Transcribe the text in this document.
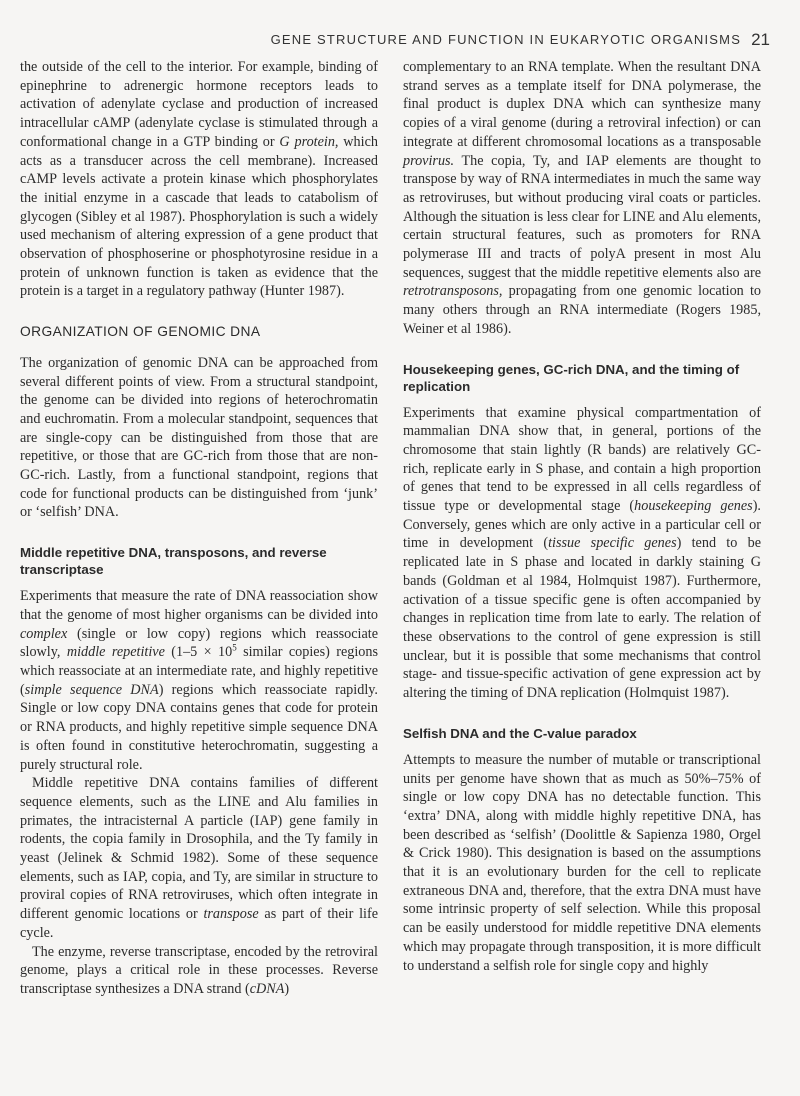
GENE STRUCTURE AND FUNCTION IN EUKARYOTIC ORGANISMS 21

the outside of the cell to the interior. For example, binding of epinephrine to adrenergic hormone receptors leads to activation of adenylate cyclase and production of increased intracellular cAMP (adenylate cyclase is stimulated through a conformational change in a GTP binding or G protein, which acts as a transducer across the cell membrane). Increased cAMP levels activate a protein kinase which phosphorylates the initial enzyme in a cascade that leads to catabolism of glycogen (Sibley et al 1987). Phosphorylation is such a widely used mechanism of altering expression of a gene product that observation of phosphoserine or phosphotyrosine residue in a protein of unknown function is taken as evidence that the protein is a target in a regulatory pathway (Hunter 1987).

ORGANIZATION OF GENOMIC DNA

The organization of genomic DNA can be approached from several different points of view. From a structural standpoint, the genome can be divided into regions of heterochromatin and euchromatin. From a molecular standpoint, sequences that are single-copy can be distinguished from those that are repetitive, or those that are GC-rich from those that are non-GC-rich. Lastly, from a functional standpoint, regions that code for functional products can be distinguished from ‘junk’ or ‘selfish’ DNA.

Middle repetitive DNA, transposons, and reverse transcriptase

Experiments that measure the rate of DNA reassociation show that the genome of most higher organisms can be divided into complex (single or low copy) regions which reassociate slowly, middle repetitive ($1-5 \times 10^5$ similar copies) regions which reassociate at an intermediate rate, and highly repetitive (simple sequence DNA) regions which reassociate rapidly. Single or low copy DNA contains genes that code for protein or RNA products, and highly repetitive simple sequence DNA is often found in constitutive heterochromatin, suggesting a purely structural role.

Middle repetitive DNA contains families of different sequence elements, such as the LINE and Alu families in primates, the intracisternal A particle (IAP) gene family in rodents, the copia family in Drosophila, and the Ty family in yeast (Jelinek & Schmid 1982). Some of these sequence elements, such as IAP, copia, and Ty, are similar in structure to proviral copies of RNA retroviruses, which often integrate in different genomic locations or transpose as part of their life cycle.

The enzyme, reverse transcriptase, encoded by the retroviral genome, plays a critical role in these processes. Reverse transcriptase synthesizes a DNA strand (cDNA)

complementary to an RNA template. When the resultant DNA strand serves as a template itself for DNA polymerase, the final product is duplex DNA which can synthesize many copies of a viral genome (during a retroviral infection) or can integrate at different chromosomal locations as a transposable provirus. The copia, Ty, and IAP elements are thought to transpose by way of RNA intermediates in much the same way as retroviruses, but without producing viral coats or particles. Although the situation is less clear for LINE and Alu elements, certain structural features, such as promoters for RNA polymerase III and tracts of polyA present in most Alu sequences, suggest that the middle repetitive elements also are retrotransposons, propagating from one genomic location to many others through an RNA intermediate (Rogers 1985, Weiner et al 1986).

Housekeeping genes, GC-rich DNA, and the timing of replication

Experiments that examine physical compartmentation of mammalian DNA show that, in general, portions of the chromosome that stain lightly (R bands) are relatively GC-rich, replicate early in S phase, and contain a high proportion of genes that tend to be expressed in all cells regardless of tissue type or developmental stage (housekeeping genes). Conversely, genes which are only active in a particular cell or time in development (tissue specific genes) tend to be replicated late in S phase and located in darkly staining G bands (Goldman et al 1984, Holmquist 1987). Furthermore, activation of a tissue specific gene is often accompanied by changes in replication time from late to early. The relation of these observations to the control of gene expression is still unclear, but it is possible that some mechanisms that control stage- and tissue-specific activation of gene expression act by altering the timing of DNA replication (Holmquist 1987).

Selfish DNA and the C-value paradox

Attempts to measure the number of mutable or transcriptional units per genome have shown that as much as 50%–75% of single or low copy DNA has no detectable function. This ‘extra’ DNA, along with middle highly repetitive DNA, has been described as ‘selfish’ (Doolittle & Sapienza 1980, Orgel & Crick 1980). This designation is based on the assumptions that it is an evolutionary burden for the cell to replicate extraneous DNA and, therefore, that the extra DNA must have some intrinsic property of self selection. While this proposal can be easily understood for middle repetitive DNA elements which may propagate through transposition, it is more difficult to understand a selfish role for single copy and highly
